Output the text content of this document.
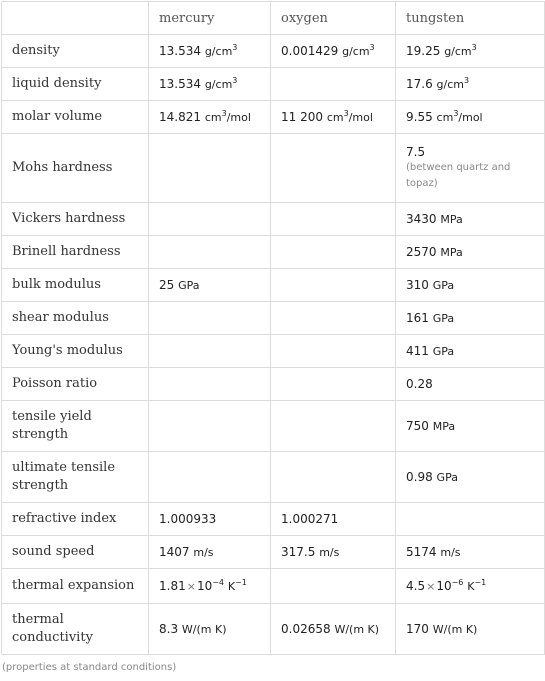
	mercury	oxygen	tungsten
density	13.534 $g/cm^3$	0.001429 $g/cm^3$	19.25 $g/cm^3$
liquid density	13.534 $g/cm^3$		17.6 $g/cm^3$
molar volume	14.821 $cm^3$/mol	11 200 $cm^3$/mol	9.55 $cm^3$/mol
Mohs hardness			7.5
(between quartz and topaz)

Vickers hardness			3430 MPa
Brinell hardness			2570 MPa
bulk modulus	25 GPa		310 GPa
shear modulus			161 GPa
Young's modulus			411 GPa
Poisson ratio			0.28
tensile yield
strength			750 MPa
ultimate tensile
strength			0.98 GPa
refractive index	1.000933	1.000271	
sound speed	1407 m/s	317.5 m/s	5174 m/s
thermal expansion	$1.81\times 10^{-4}$ $K^{-1}$		$4.5\times 10^{-6}$ $K^{-1}$
thermal
conductivity	8.3 W/(m K)	0.02658 W/(m K)	170 W/(m K)
(properties at standard conditions)
